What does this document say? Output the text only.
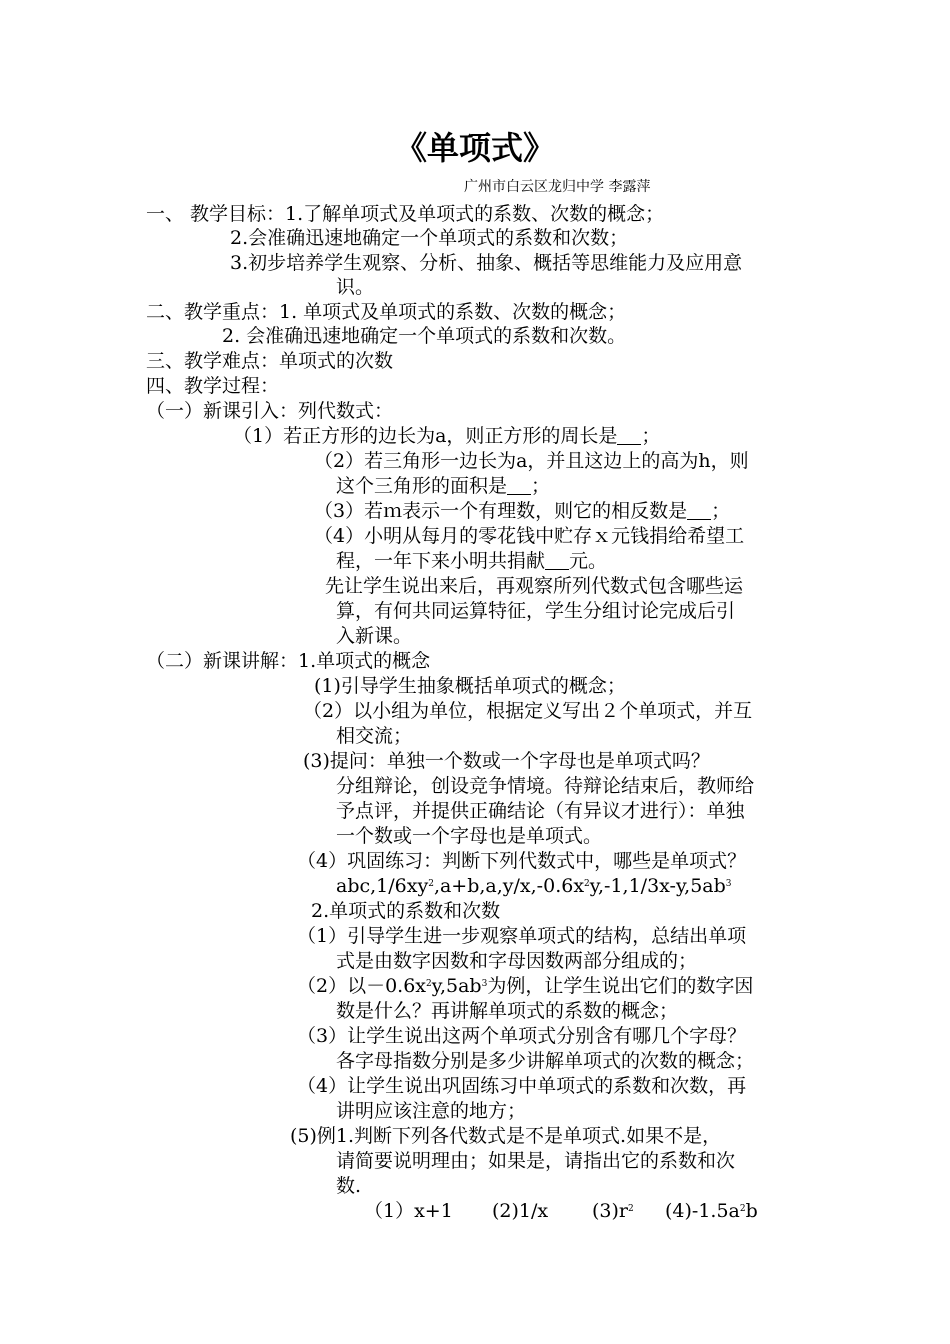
《单项式》
广州市白云区龙归中学 李露萍
一、 教学目标：1.了解单项式及单项式的系数、次数的概念；
2.会准确迅速地确定一个单项式的系数和次数；
3.初步培养学生观察、分析、抽象、概括等思维能力及应用意
识。
二、教学重点：1. 单项式及单项式的系数、次数的概念；
2. 会准确迅速地确定一个单项式的系数和次数。
三、教学难点：单项式的次数
四、教学过程：
（一）新课引入：列代数式：
（1）若正方形的边长为a，则正方形的周长是 ；
（2）若三角形一边长为a，并且这边上的高为h，则
这个三角形的面积是 ；
（3）若ｍ表示一个有理数，则它的相反数是 ；
（4）小明从每月的零花钱中贮存ｘ元钱捐给希望工
程，一年下来小明共捐献 元。
先让学生说出来后，再观察所列代数式包含哪些运
算，有何共同运算特征，学生分组讨论完成后引
入新课。
（二）新课讲解：1.单项式的概念
(1)引导学生抽象概括单项式的概念；
（2）以小组为单位，根据定义写出２个单项式，并互
相交流；
(3)提问：单独一个数或一个字母也是单项式吗？
分组辩论，创设竞争情境。待辩论结束后，教师给
予点评，并提供正确结论（有异议才进行）：单独
一个数或一个字母也是单项式。
（4）巩固练习：判断下列代数式中，哪些是单项式？
$abc,1/6xy^2,a+b,a,y/x,-0.6x^2y,-1,1/3x-y,5ab^3$
2.单项式的系数和次数
（1）引导学生进一步观察单项式的结构，总结出单项
式是由数字因数和字母因数两部分组成的；
（2）以$-0.6x^2y,5ab^3$为例，让学生说出它们的数字因
数是什么？再讲解单项式的系数的概念；
（3）让学生说出这两个单项式分别含有哪几个字母？
各字母指数分别是多少讲解单项式的次数的概念；
（4）让学生说出巩固练习中单项式的系数和次数，再
讲明应该注意的地方；
(5)例1.判断下列各代数式是不是单项式.如果不是，
请简要说明理由；如果是，请指出它的系数和次
数.
（1）x+1 (2)1/x $(3)r^2$ $(4)-1.5a^2b$
